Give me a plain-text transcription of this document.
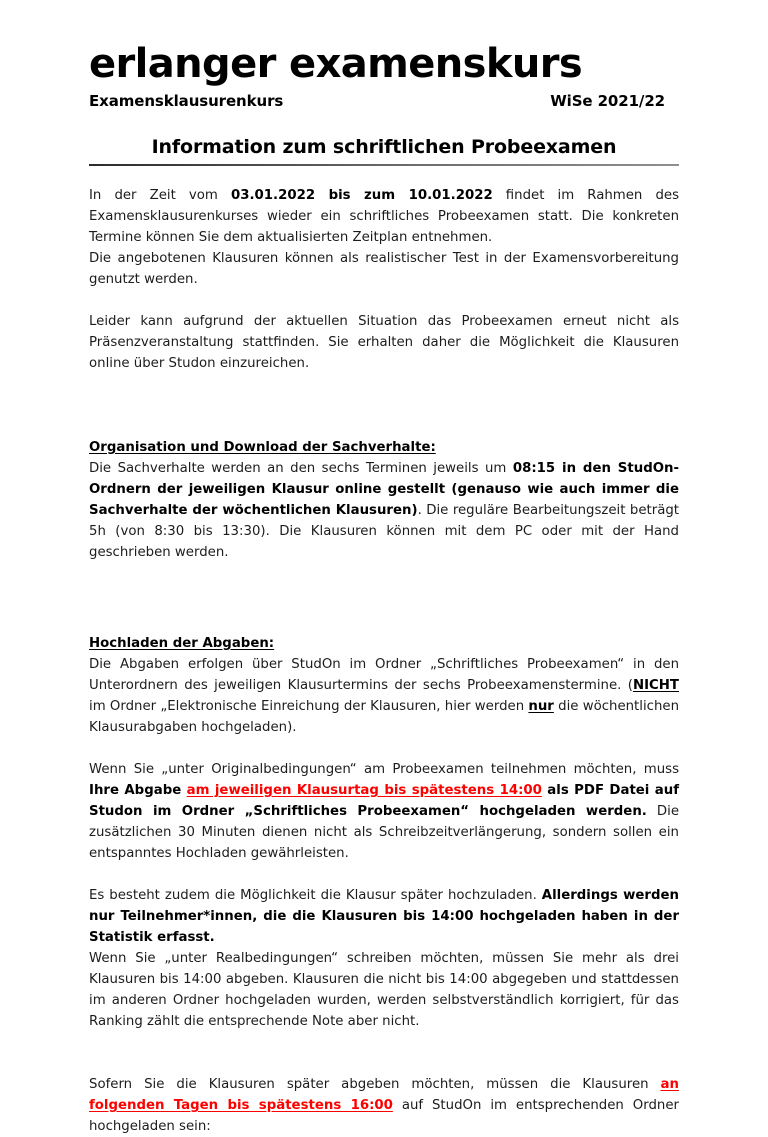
erlanger examenskurs
Examensklausurenkurs	WiSe 2021/22
Information zum schriftlichen Probeexamen

In der Zeit vom 03.01.2022 bis zum 10.01.2022 findet im Rahmen des Examensklausurenkurses wieder ein schriftliches Probeexamen statt. Die konkreten Termine können Sie dem aktualisierten Zeitplan entnehmen.

Die angebotenen Klausuren können als realistischer Test in der Examensvorbereitung genutzt werden.

Leider kann aufgrund der aktuellen Situation das Probeexamen erneut nicht als Präsenzveranstaltung stattfinden. Sie erhalten daher die Möglichkeit die Klausuren online über Studon einzureichen.

Organisation und Download der Sachverhalte:

Die Sachverhalte werden an den sechs Terminen jeweils um 08:15 in den StudOn-Ordnern der jeweiligen Klausur online gestellt (genauso wie auch immer die Sachverhalte der wöchentlichen Klausuren). Die reguläre Bearbeitungszeit beträgt 5h (von 8:30 bis 13:30). Die Klausuren können mit dem PC oder mit der Hand geschrieben werden.

Hochladen der Abgaben:

Die Abgaben erfolgen über StudOn im Ordner „Schriftliches Probeexamen“ in den Unterordnern des jeweiligen Klausurtermins der sechs Probeexamenstermine. (NICHT im Ordner „Elektronische Einreichung der Klausuren, hier werden nur die wöchentlichen Klausurabgaben hochgeladen).

Wenn Sie „unter Originalbedingungen“ am Probeexamen teilnehmen möchten, muss Ihre Abgabe am jeweiligen Klausurtag bis spätestens 14:00 als PDF Datei auf Studon im Ordner „Schriftliches Probeexamen“ hochgeladen werden. Die zusätzlichen 30 Minuten dienen nicht als Schreibzeitverlängerung, sondern sollen ein entspanntes Hochladen gewährleisten.

Es besteht zudem die Möglichkeit die Klausur später hochzuladen. Allerdings werden nur Teilnehmer*innen, die die Klausuren bis 14:00 hochgeladen haben in der Statistik erfasst.

Wenn Sie „unter Realbedingungen“ schreiben möchten, müssen Sie mehr als drei Klausuren bis 14:00 abgeben. Klausuren die nicht bis 14:00 abgegeben und stattdessen im anderen Ordner hochgeladen wurden, werden selbstverständlich korrigiert, für das Ranking zählt die entsprechende Note aber nicht.

Sofern Sie die Klausuren später abgeben möchten, müssen die Klausuren an folgenden Tagen bis spätestens 16:00 auf StudOn im entsprechenden Ordner hochgeladen sein:
